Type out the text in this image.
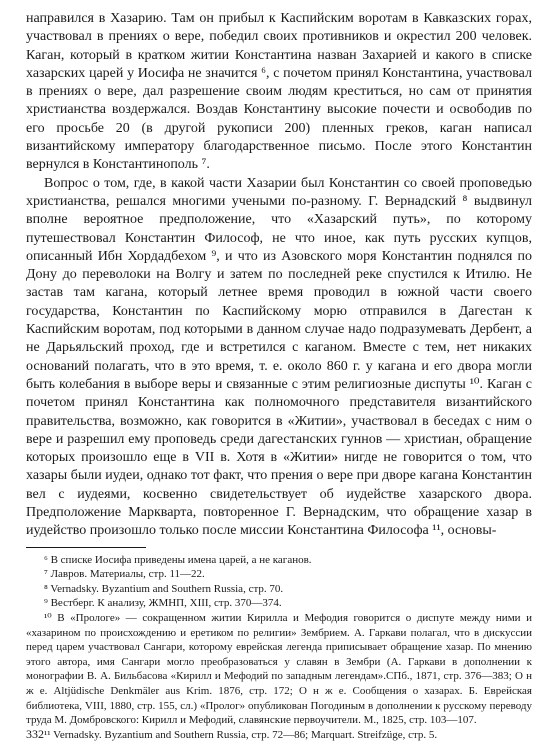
направился в Хазарию. Там он прибыл к Каспийским воротам в Кавказских горах, участвовал в прениях о вере, победил своих противников и окрестил 200 человек. Каган, который в кратком житии Константина назван Захарией и какого в списке хазарских царей у Иосифа не значится ⁶, с почетом принял Константина, участвовал в прениях о вере, дал разрешение своим людям креститься, но сам от принятия христианства воздержался. Воздав Константину высокие почести и освободив по его просьбе 20 (в другой рукописи 200) пленных греков, каган написал византийскому императору благодарственное письмо. После этого Константин вернулся в Константинополь ⁷.

Вопрос о том, где, в какой части Хазарии был Константин со своей проповедью христианства, решался многими учеными по-разному. Г. Вернадский ⁸ выдвинул вполне вероятное предположение, что «Хазарский путь», по которому путешествовал Константин Философ, не что иное, как путь русских купцов, описанный Ибн Хордадбехом ⁹, и что из Азовского моря Константин поднялся по Дону до переволоки на Волгу и затем по последней реке спустился к Итилю. Не застав там кагана, который летнее время проводил в южной части своего государства, Константин по Каспийскому морю отправился в Дагестан к Каспийским воротам, под которыми в данном случае надо подразумевать Дербент, а не Дарьяльский проход, где и встретился с каганом. Вместе с тем, нет никаких оснований полагать, что в это время, т. е. около 860 г. у кагана и его двора могли быть колебания в выборе веры и связанные с этим религиозные диспуты ¹⁰. Каган с почетом принял Константина как полномочного представителя византийского правительства, возможно, как говорится в «Житии», участвовал в беседах с ним о вере и разрешил ему проповедь среди дагестанских гуннов — христиан, обращение которых произошло еще в VII в. Хотя в «Житии» нигде не говорится о том, что хазары были иудеи, однако тот факт, что прения о вере при дворе кагана Константин вел с иудеями, косвенно свидетельствует об иудействе хазарского двора. Предположение Маркварта, повторенное Г. Вернадским, что обращение хазар в иудейство произошло только после миссии Константина Философа ¹¹, основы-

⁶ В списке Иосифа приведены имена царей, а не каганов.

⁷ Лавров. Материалы, стр. 11—22.

⁸ Vernadsky. Byzantium and Southern Russia, стр. 70.

⁹ Вестберг. К анализу, ЖМНП, XIII, стр. 370—374.

¹⁰ В «Прологе» — сокращенном житии Кирилла и Мефодия говорится о диспуте между ними и «хазарином по происхождению и еретиком по религии» Зембрием. А. Гаркави полагал, что в дискуссии перед царем участвовал Сангари, которому еврейская легенда приписывает обращение хазар. По мнению этого автора, имя Сангари могло преобразоваться у славян в Зембри (А. Гаркави в дополнении к монографии В. А. Бильбасова «Кирилл и Мефодий по западным легендам».СПб., 1871, стр. 376—383; О н ж е. Altjüdische Denkmäler aus Krim. 1876, стр. 172; О н ж е. Сообщения о хазарах. Б. Еврейская библиотека, VIII, 1880, стр. 155, сл.) «Пролог» опубликован Погодиным в дополнении к русскому переводу труда М. Домбровского: Кирилл и Мефодий, славянские первоучители. М., 1825, стр. 103—107.

¹¹ Vernadsky. Byzantium and Southern Russia, стр. 72—86; Marquart. Streifzüge, стр. 5.

332
